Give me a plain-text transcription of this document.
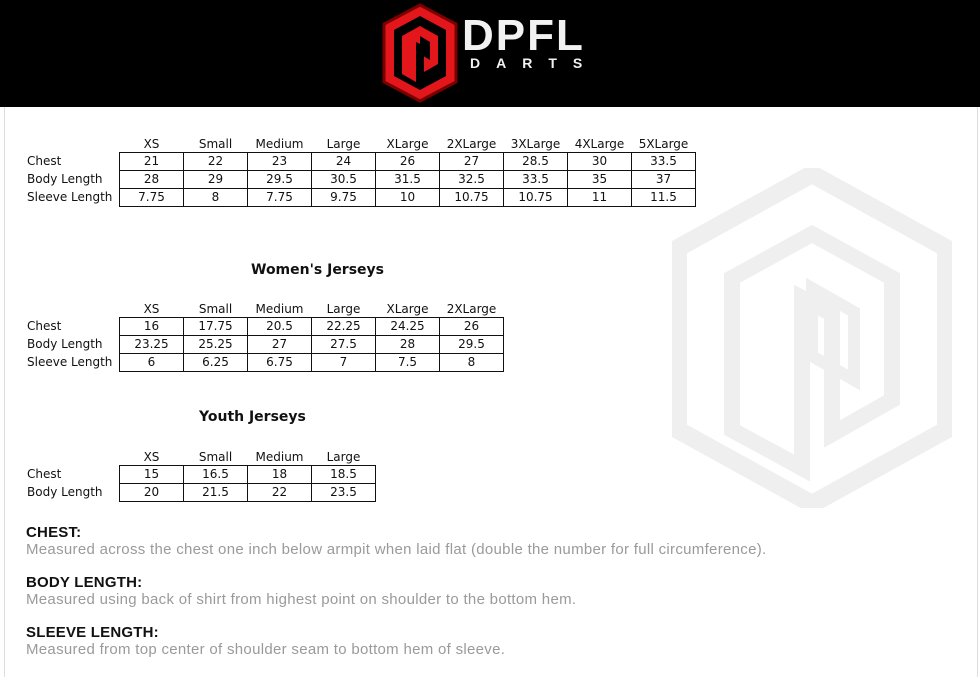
DPFL
DARTS
	XS	Small	Medium	Large	XLarge	2XLarge	3XLarge	4XLarge	5XLarge
Chest	21	22	23	24	26	27	28.5	30	33.5
Body Length	28	29	29.5	30.5	31.5	32.5	33.5	35	37
Sleeve Length	7.75	8	7.75	9.75	10	10.75	10.75	11	11.5
Women's Jerseys
	XS	Small	Medium	Large	XLarge	2XLarge
Chest	16	17.75	20.5	22.25	24.25	26
Body Length	23.25	25.25	27	27.5	28	29.5
Sleeve Length	6	6.25	6.75	7	7.5	8
Youth Jerseys
	XS	Small	Medium	Large
Chest	15	16.5	18	18.5
Body Length	20	21.5	22	23.5
CHEST:
Measured across the chest one inch below armpit when laid flat (double the number for full circumference).
BODY LENGTH:
Measured using back of shirt from highest point on shoulder to the bottom hem.
SLEEVE LENGTH:
Measured from top center of shoulder seam to bottom hem of sleeve.
